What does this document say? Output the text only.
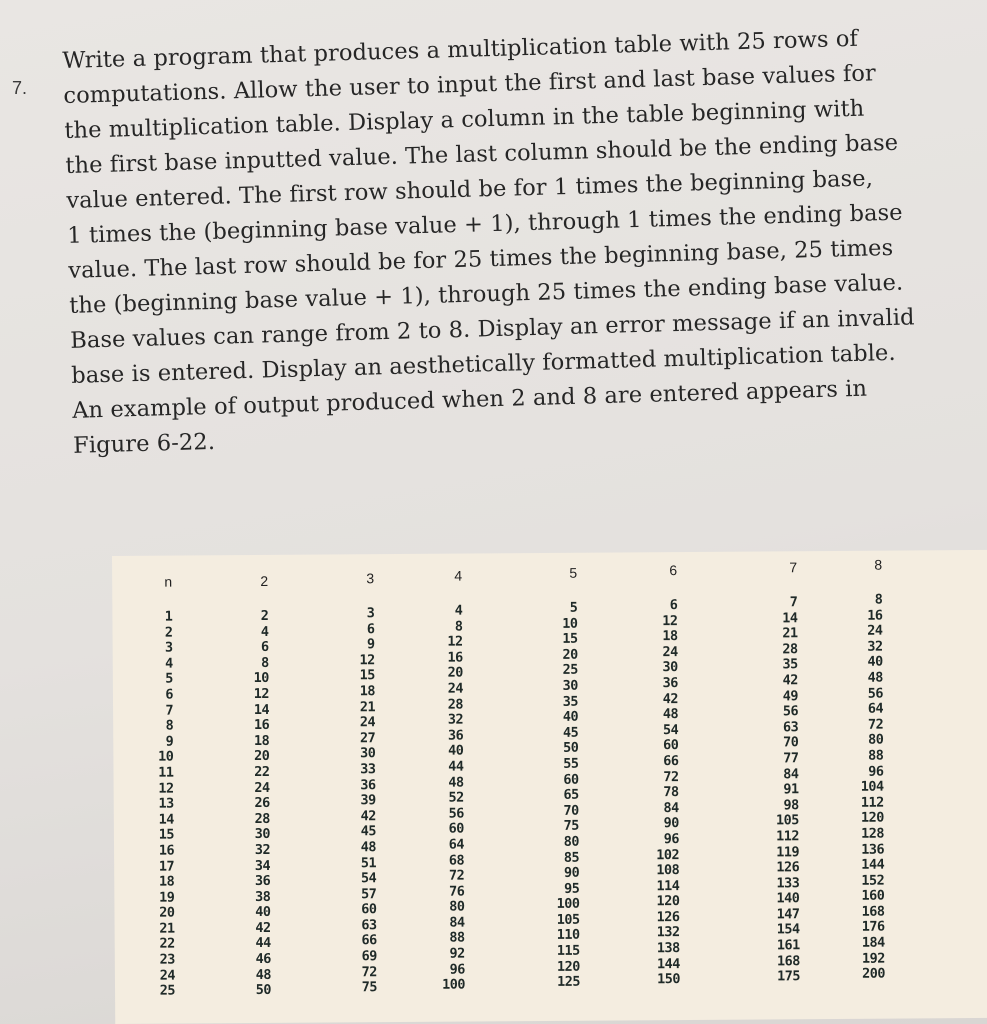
7.
Write a program that produces a multiplication table with 25 rows of
computations. Allow the user to input the first and last base values for
the multiplication table. Display a column in the table beginning with
the first base inputted value. The last column should be the ending base
value entered. The first row should be for 1 times the beginning base,
1 times the (beginning base value + 1), through 1 times the ending base
value. The last row should be for 25 times the beginning base, 25 times
the (beginning base value + 1), through 25 times the ending base value.
Base values can range from 2 to 8. Display an error message if an invalid
base is entered. Display an aesthetically formatted multiplication table.
An example of output produced when 2 and 8 are entered appears in
Figure 6-22.
n
1
2
3
4
5
6
7
8
9
10
11
12
13
14
15
16
17
18
19
20
21
22
23
24
25
2
2
4
6
8
10
12
14
16
18
20
22
24
26
28
30
32
34
36
38
40
42
44
46
48
50
3
3
6
9
12
15
18
21
24
27
30
33
36
39
42
45
48
51
54
57
60
63
66
69
72
75
4
4
8
12
16
20
24
28
32
36
40
44
48
52
56
60
64
68
72
76
80
84
88
92
96
100
5
5
10
15
20
25
30
35
40
45
50
55
60
65
70
75
80
85
90
95
100
105
110
115
120
125
6
6
12
18
24
30
36
42
48
54
60
66
72
78
84
90
96
102
108
114
120
126
132
138
144
150
7
7
14
21
28
35
42
49
56
63
70
77
84
91
98
105
112
119
126
133
140
147
154
161
168
175
8
8
16
24
32
40
48
56
64
72
80
88
96
104
112
120
128
136
144
152
160
168
176
184
192
200
